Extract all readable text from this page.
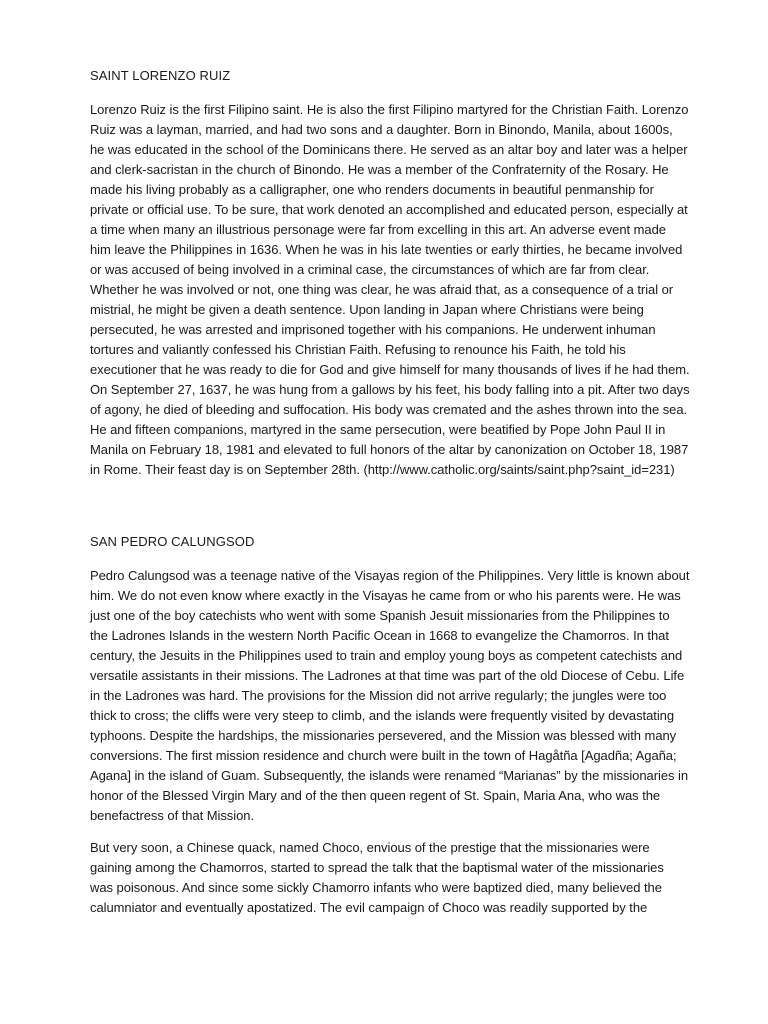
SAINT LORENZO RUIZ

Lorenzo Ruiz is the first Filipino saint. He is also the first Filipino martyred for the Christian Faith. Lorenzo Ruiz was a layman, married, and had two sons and a daughter. Born in Binondo, Manila, about 1600s, he was educated in the school of the Dominicans there. He served as an altar boy and later was a helper and clerk-sacristan in the church of Binondo. He was a member of the Confraternity of the Rosary. He made his living probably as a calligrapher, one who renders documents in beautiful penmanship for private or official use. To be sure, that work denoted an accomplished and educated person, especially at a time when many an illustrious personage were far from excelling in this art. An adverse event made him leave the Philippines in 1636. When he was in his late twenties or early thirties, he became involved or was accused of being involved in a criminal case, the circumstances of which are far from clear. Whether he was involved or not, one thing was clear, he was afraid that, as a consequence of a trial or mistrial, he might be given a death sentence. Upon landing in Japan where Christians were being persecuted, he was arrested and imprisoned together with his companions. He underwent inhuman tortures and valiantly confessed his Christian Faith. Refusing to renounce his Faith, he told his executioner that he was ready to die for God and give himself for many thousands of lives if he had them. On September 27, 1637, he was hung from a gallows by his feet, his body falling into a pit. After two days of agony, he died of bleeding and suffocation. His body was cremated and the ashes thrown into the sea. He and fifteen companions, martyred in the same persecution, were beatified by Pope John Paul II in Manila on February 18, 1981 and elevated to full honors of the altar by canonization on October 18, 1987 in Rome. Their feast day is on September 28th. (http://www.catholic.org/saints/saint.php?saint_id=231)

SAN PEDRO CALUNGSOD

Pedro Calungsod was a teenage native of the Visayas region of the Philippines. Very little is known about him. We do not even know where exactly in the Visayas he came from or who his parents were. He was just one of the boy catechists who went with some Spanish Jesuit missionaries from the Philippines to the Ladrones Islands in the western North Pacific Ocean in 1668 to evangelize the Chamorros. In that century, the Jesuits in the Philippines used to train and employ young boys as competent catechists and versatile assistants in their missions. The Ladrones at that time was part of the old Diocese of Cebu. Life in the Ladrones was hard. The provisions for the Mission did not arrive regularly; the jungles were too thick to cross; the cliffs were very steep to climb, and the islands were frequently visited by devastating typhoons. Despite the hardships, the missionaries persevered, and the Mission was blessed with many conversions. The first mission residence and church were built in the town of Hagåtña [Agadña; Agaña; Agana] in the island of Guam. Subsequently, the islands were renamed “Marianas” by the missionaries in honor of the Blessed Virgin Mary and of the then queen regent of St. Spain, Maria Ana, who was the benefactress of that Mission.

But very soon, a Chinese quack, named Choco, envious of the prestige that the missionaries were gaining among the Chamorros, started to spread the talk that the baptismal water of the missionaries was poisonous. And since some sickly Chamorro infants who were baptized died, many believed the calumniator and eventually apostatized. The evil campaign of Choco was readily supported by the
